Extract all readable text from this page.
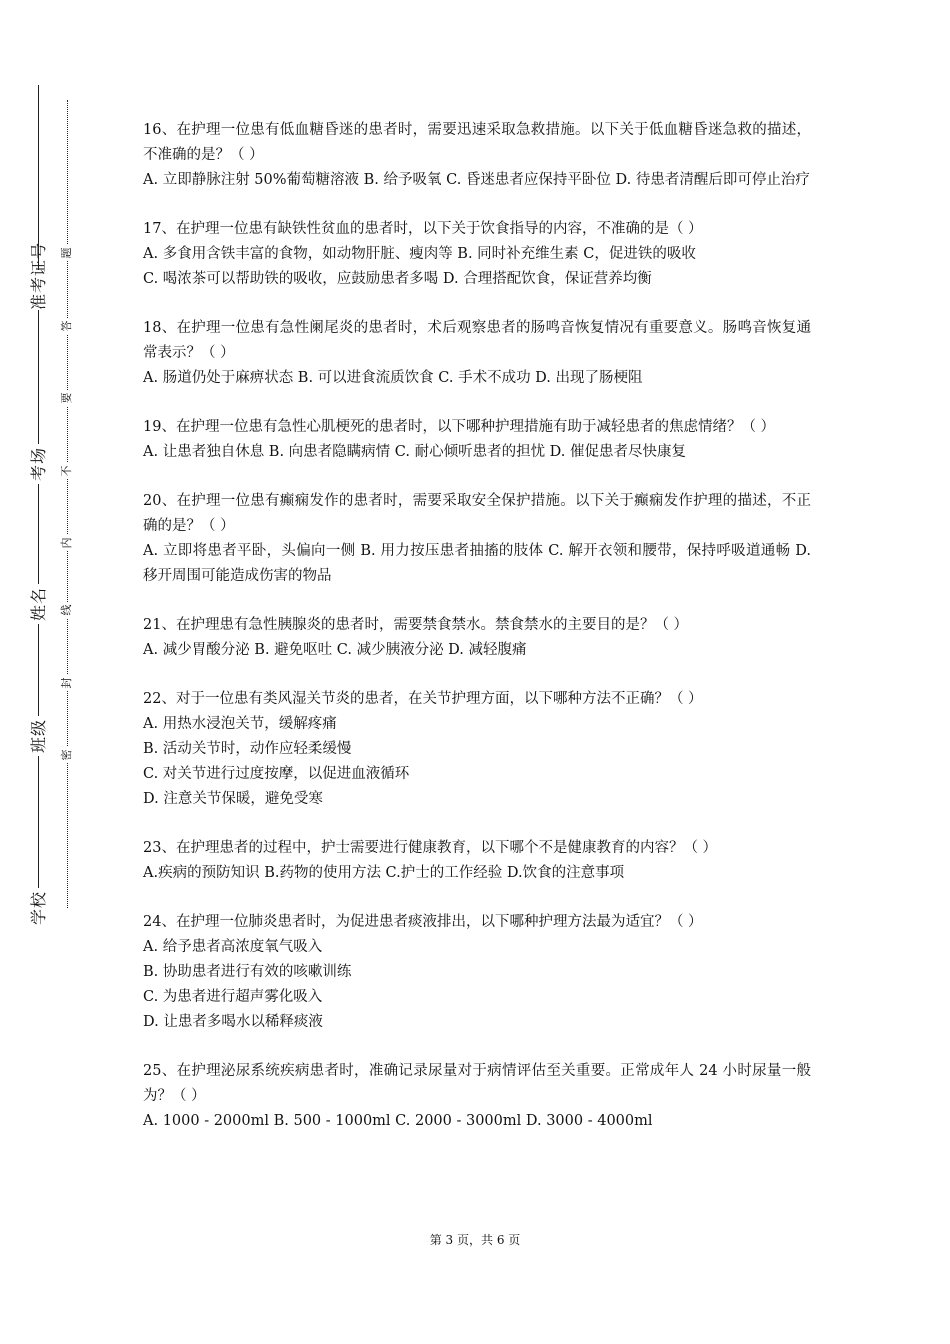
准考证号
考场
姓名
班级
学校
题
答
要
不
内
线
封
密

16、在护理一位患有低血糖昏迷的患者时，需要迅速采取急救措施。以下关于低血糖昏迷急救的描述，不准确的是？（ ）

A. 立即静脉注射 50%葡萄糖溶液 B. 给予吸氧 C. 昏迷患者应保持平卧位 D. 待患者清醒后即可停止治疗

17、在护理一位患有缺铁性贫血的患者时，以下关于饮食指导的内容，不准确的是（ ）

A. 多食用含铁丰富的食物，如动物肝脏、瘦肉等 B. 同时补充维生素 C，促进铁的吸收

C. 喝浓茶可以帮助铁的吸收，应鼓励患者多喝 D. 合理搭配饮食，保证营养均衡

18、在护理一位患有急性阑尾炎的患者时，术后观察患者的肠鸣音恢复情况有重要意义。肠鸣音恢复通常表示？（ ）

A. 肠道仍处于麻痹状态 B. 可以进食流质饮食 C. 手术不成功 D. 出现了肠梗阻

19、在护理一位患有急性心肌梗死的患者时，以下哪种护理措施有助于减轻患者的焦虑情绪？（ ）

A. 让患者独自休息 B. 向患者隐瞒病情 C. 耐心倾听患者的担忧 D. 催促患者尽快康复

20、在护理一位患有癫痫发作的患者时，需要采取安全保护措施。以下关于癫痫发作护理的描述，不正确的是？（ ）

A. 立即将患者平卧，头偏向一侧 B. 用力按压患者抽搐的肢体 C. 解开衣领和腰带，保持呼吸道通畅 D. 移开周围可能造成伤害的物品

21、在护理患有急性胰腺炎的患者时，需要禁食禁水。禁食禁水的主要目的是？（ ）

A. 减少胃酸分泌 B. 避免呕吐 C. 减少胰液分泌 D. 减轻腹痛

22、对于一位患有类风湿关节炎的患者，在关节护理方面，以下哪种方法不正确？（ ）

A. 用热水浸泡关节，缓解疼痛

B. 活动关节时，动作应轻柔缓慢

C. 对关节进行过度按摩，以促进血液循环

D. 注意关节保暖，避免受寒

23、在护理患者的过程中，护士需要进行健康教育，以下哪个不是健康教育的内容？（ ）

A.疾病的预防知识 B.药物的使用方法 C.护士的工作经验 D.饮食的注意事项

24、在护理一位肺炎患者时，为促进患者痰液排出，以下哪种护理方法最为适宜？（ ）

A. 给予患者高浓度氧气吸入

B. 协助患者进行有效的咳嗽训练

C. 为患者进行超声雾化吸入

D. 让患者多喝水以稀释痰液

25、在护理泌尿系统疾病患者时，准确记录尿量对于病情评估至关重要。正常成年人 24 小时尿量一般为？（ ）

A. 1000 - 2000ml B. 500 - 1000ml C. 2000 - 3000ml D. 3000 - 4000ml

第 3 页，共 6 页
